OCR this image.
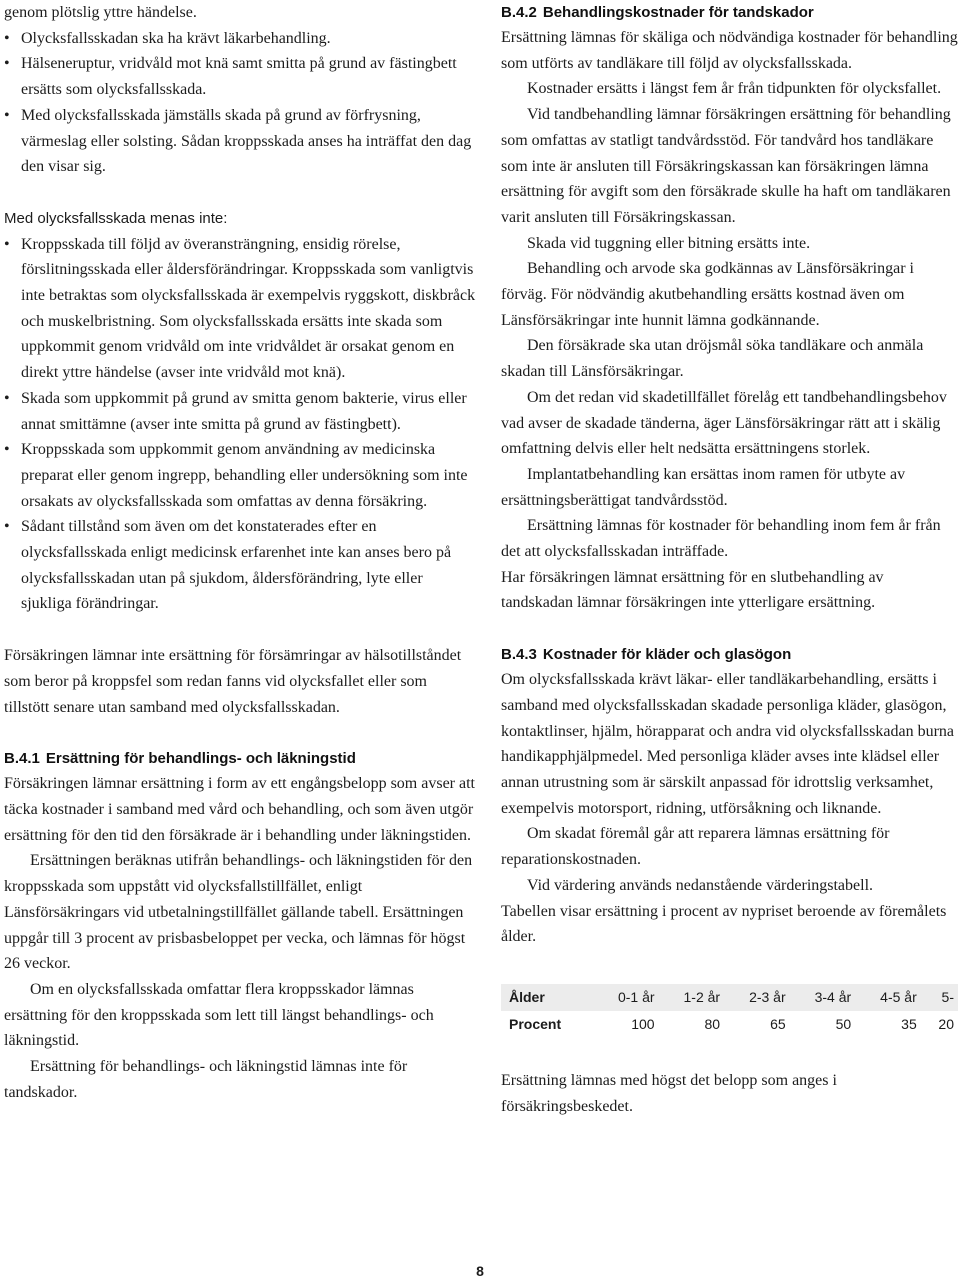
genom plötslig yttre händelse.
• Olycksfallsskadan ska ha krävt läkarbehandling.
• Hälseneruptur, vridvåld mot knä samt smitta på grund av fästingbett ersätts som olycksfallsskada.
• Med olycksfallsskada jämställs skada på grund av förfrysning, värmeslag eller solsting. Sådan kroppsskada anses ha inträffat den dag den visar sig.

Med olycksfallsskada menas inte:

• Kroppsskada till följd av överansträngning, ensidig rörelse, förslitningsskada eller åldersförändringar. Kroppsskada som vanligtvis inte betraktas som olycksfallsskada är exempelvis ryggskott, diskbråck och muskelbristning. Som olycksfallsskada ersätts inte skada som uppkommit genom vridvåld om inte vridvåldet är orsakat genom en direkt yttre händelse (avser inte vridvåld mot knä).
• Skada som uppkommit på grund av smitta genom bakterie, virus eller annat smittämne (avser inte smitta på grund av fästingbett).
• Kroppsskada som uppkommit genom användning av medicinska preparat eller genom ingrepp, behandling eller undersökning som inte orsakats av olycksfallsskada som omfattas av denna försäkring.
• Sådant tillstånd som även om det konstaterades efter en olycksfallsskada enligt medicinsk erfarenhet inte kan anses bero på olycksfallsskadan utan på sjukdom, åldersförändring, lyte eller sjukliga förändringar.

Försäkringen lämnar inte ersättning för försämringar av hälsotillståndet som beror på kroppsfel som redan fanns vid olycksfallet eller som tillstött senare utan samband med olycksfallsskadan.

B.4.1 Ersättning för behandlings- och läkningstid

Försäkringen lämnar ersättning i form av ett engångsbelopp som avser att täcka kostnader i samband med vård och behandling, och som även utgör ersättning för den tid den försäkrade är i behandling under läkningstiden.

Ersättningen beräknas utifrån behandlings- och läkningstiden för den kroppsskada som uppstått vid olycksfallstillfället, enligt Länsförsäkringars vid utbetalningstillfället gällande tabell. Ersättningen uppgår till 3 procent av prisbasbeloppet per vecka, och lämnas för högst 26 veckor.

Om en olycksfallsskada omfattar flera kroppsskador lämnas ersättning för den kroppsskada som lett till längst behandlings- och läkningstid.

Ersättning för behandlings- och läkningstid lämnas inte för tandskador.

B.4.2 Behandlingskostnader för tandskador

Ersättning lämnas för skäliga och nödvändiga kostnader för behandling som utförts av tandläkare till följd av olycksfallsskada.

Kostnader ersätts i längst fem år från tidpunkten för olycksfallet.

Vid tandbehandling lämnar försäkringen ersättning för behandling som omfattas av statligt tandvårdsstöd. För tandvård hos tandläkare som inte är ansluten till Försäkringskassan kan försäkringen lämna ersättning för avgift som den försäkrade skulle ha haft om tandläkaren varit ansluten till Försäkringskassan.

Skada vid tuggning eller bitning ersätts inte.

Behandling och arvode ska godkännas av Länsförsäkringar i förväg. För nödvändig akutbehandling ersätts kostnad även om Länsförsäkringar inte hunnit lämna godkännande.

Den försäkrade ska utan dröjsmål söka tandläkare och anmäla skadan till Länsförsäkringar.

Om det redan vid skadetillfället förelåg ett tandbehandlingsbehov vad avser de skadade tänderna, äger Länsförsäkringar rätt att i skälig omfattning delvis eller helt nedsätta ersättningens storlek.

Implantatbehandling kan ersättas inom ramen för utbyte av ersättningsberättigat tandvårdsstöd.

Ersättning lämnas för kostnader för behandling inom fem år från det att olycksfallsskadan inträffade.

Har försäkringen lämnat ersättning för en slutbehandling av tandskadan lämnar försäkringen inte ytterligare ersättning.

B.4.3 Kostnader för kläder och glasögon

Om olycksfallsskada krävt läkar- eller tandläkarbehandling, ersätts i samband med olycksfallsskadan skadade personliga kläder, glasögon, kontaktlinser, hjälm, hörapparat och andra vid olycksfallsskadan burna handikapphjälpmedel. Med personliga kläder avses inte klädsel eller annan utrustning som är särskilt anpassad för idrottslig verksamhet, exempelvis motorsport, ridning, utförsåkning och liknande.

Om skadat föremål går att reparera lämnas ersättning för reparationskostnaden.

Vid värdering används nedanstående värderingstabell.

Tabellen visar ersättning i procent av nypriset beroende av föremålets ålder.

Ålder	0-1 år	1-2 år	2-3 år	3-4 år	4-5 år	5-
Procent	100	80	65	50	35	20

Ersättning lämnas med högst det belopp som anges i försäkringsbeskedet.

8
